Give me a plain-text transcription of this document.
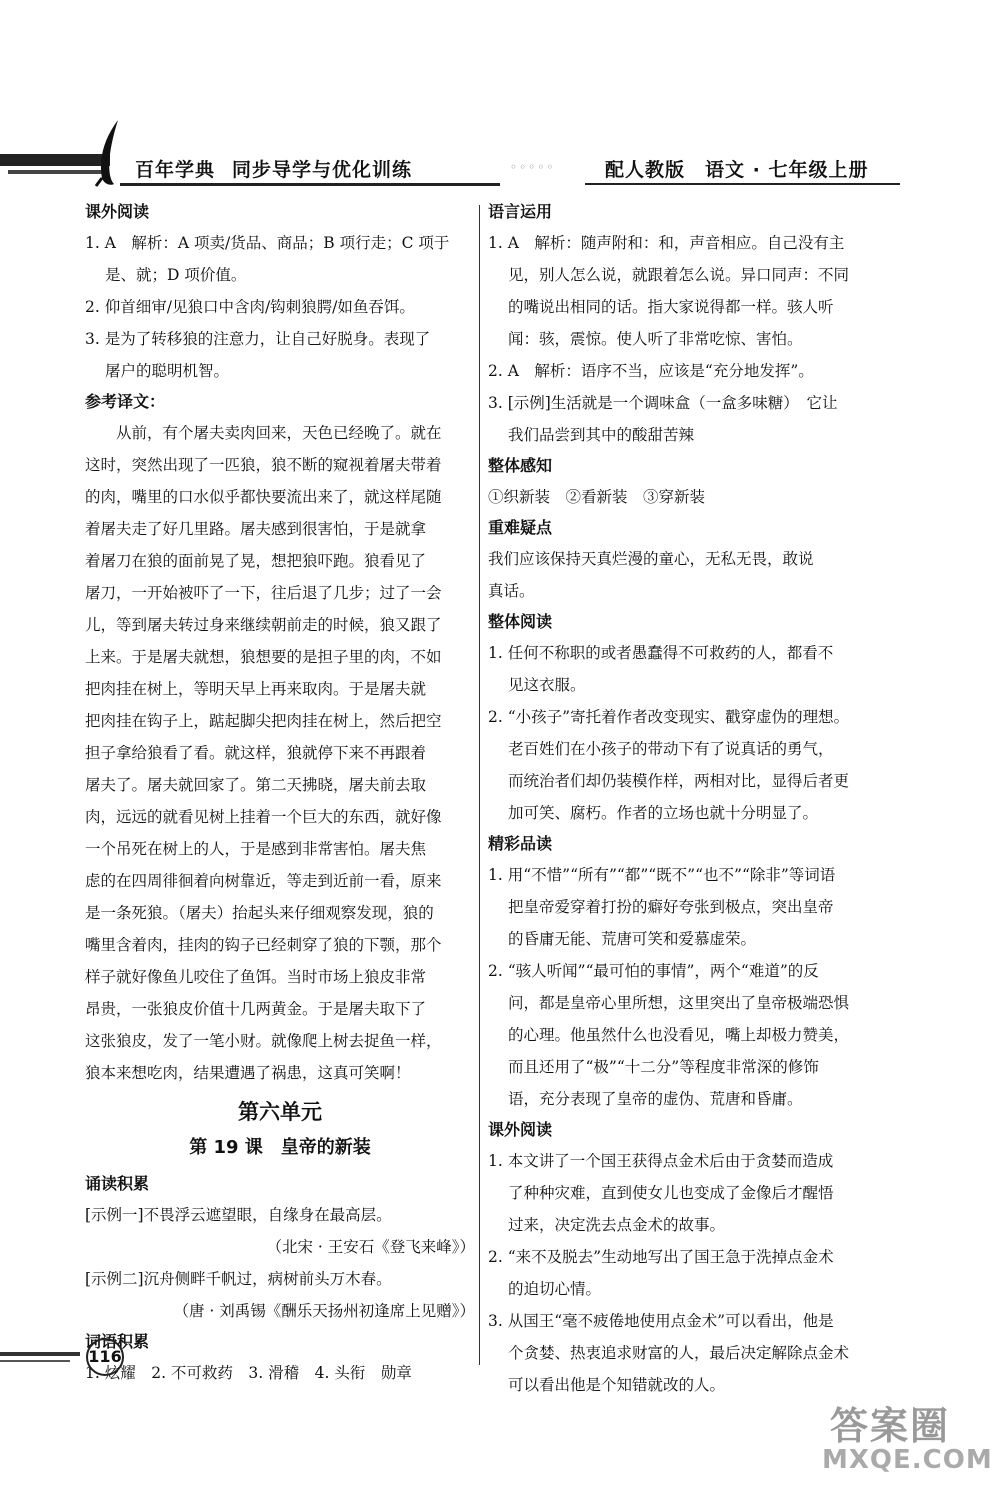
百年学典 同步导学与优化训练	◦◦◦◦◦	配人教版　语文 · 七年级上册

课外阅读

1. A　解析：A 项卖/货品、商品；B 项行走；C 项于

是、就；D 项价值。

2. 仰首细审/见狼口中含肉/钩刺狼腭/如鱼吞饵。

3. 是为了转移狼的注意力，让自己好脱身。表现了

屠户的聪明机智。

参考译文：

从前，有个屠夫卖肉回来，天色已经晚了。就在

这时，突然出现了一匹狼，狼不断的窥视着屠夫带着

的肉，嘴里的口水似乎都快要流出来了，就这样尾随

着屠夫走了好几里路。屠夫感到很害怕，于是就拿

着屠刀在狼的面前晃了晃，想把狼吓跑。狼看见了

屠刀，一开始被吓了一下，往后退了几步；过了一会

儿，等到屠夫转过身来继续朝前走的时候，狼又跟了

上来。于是屠夫就想，狼想要的是担子里的肉，不如

把肉挂在树上，等明天早上再来取肉。于是屠夫就

把肉挂在钩子上，踮起脚尖把肉挂在树上，然后把空

担子拿给狼看了看。就这样，狼就停下来不再跟着

屠夫了。屠夫就回家了。第二天拂晓，屠夫前去取

肉，远远的就看见树上挂着一个巨大的东西，就好像

一个吊死在树上的人，于是感到非常害怕。屠夫焦

虑的在四周徘徊着向树靠近，等走到近前一看，原来

是一条死狼。（屠夫）抬起头来仔细观察发现，狼的

嘴里含着肉，挂肉的钩子已经刺穿了狼的下颚，那个

样子就好像鱼儿咬住了鱼饵。当时市场上狼皮非常

昂贵，一张狼皮价值十几两黄金。于是屠夫取下了

这张狼皮，发了一笔小财。就像爬上树去捉鱼一样，

狼本来想吃肉，结果遭遇了祸患，这真可笑啊！

第六单元

第 19 课　皇帝的新装

诵读积累

[示例一]不畏浮云遮望眼，自缘身在最高层。

（北宋 · 王安石《登飞来峰》）

[示例二]沉舟侧畔千帆过，病树前头万木春。

（唐 · 刘禹锡《酬乐天扬州初逢席上见赠》）

词语积累

1. 炫耀　2. 不可救药　3. 滑稽　4. 头衔　勋章

语言运用

1. A　解析：随声附和：和，声音相应。自己没有主

见，别人怎么说，就跟着怎么说。异口同声：不同

的嘴说出相同的话。指大家说得都一样。骇人听

闻：骇，震惊。使人听了非常吃惊、害怕。

2. A　解析：语序不当，应该是“充分地发挥”。

3. [示例]生活就是一个调味盒（一盒多味糖）　它让

我们品尝到其中的酸甜苦辣

整体感知

①织新装　②看新装　③穿新装

重难疑点

我们应该保持天真烂漫的童心，无私无畏，敢说

真话。

整体阅读

1. 任何不称职的或者愚蠢得不可救药的人，都看不

见这衣服。

2. “小孩子”寄托着作者改变现实、戳穿虚伪的理想。

老百姓们在小孩子的带动下有了说真话的勇气，

而统治者们却仍装模作样，两相对比，显得后者更

加可笑、腐朽。作者的立场也就十分明显了。

精彩品读

1. 用“不惜”“所有”“都”“既不”“也不”“除非”等词语

把皇帝爱穿着打扮的癖好夸张到极点，突出皇帝

的昏庸无能、荒唐可笑和爱慕虚荣。

2. “骇人听闻”“最可怕的事情”，两个“难道”的反

问，都是皇帝心里所想，这里突出了皇帝极端恐惧

的心理。他虽然什么也没看见，嘴上却极力赞美，

而且还用了“极”“十二分”等程度非常深的修饰

语，充分表现了皇帝的虚伪、荒唐和昏庸。

课外阅读

1. 本文讲了一个国王获得点金术后由于贪婪而造成

了种种灾难，直到使女儿也变成了金像后才醒悟

过来，决定洗去点金术的故事。

2. “来不及脱去”生动地写出了国王急于洗掉点金术

的迫切心情。

3. 从国王“毫不疲倦地使用点金术”可以看出，他是

个贪婪、热衷追求财富的人，最后决定解除点金术

可以看出他是个知错就改的人。

116
答案圈
MXQE.COM
